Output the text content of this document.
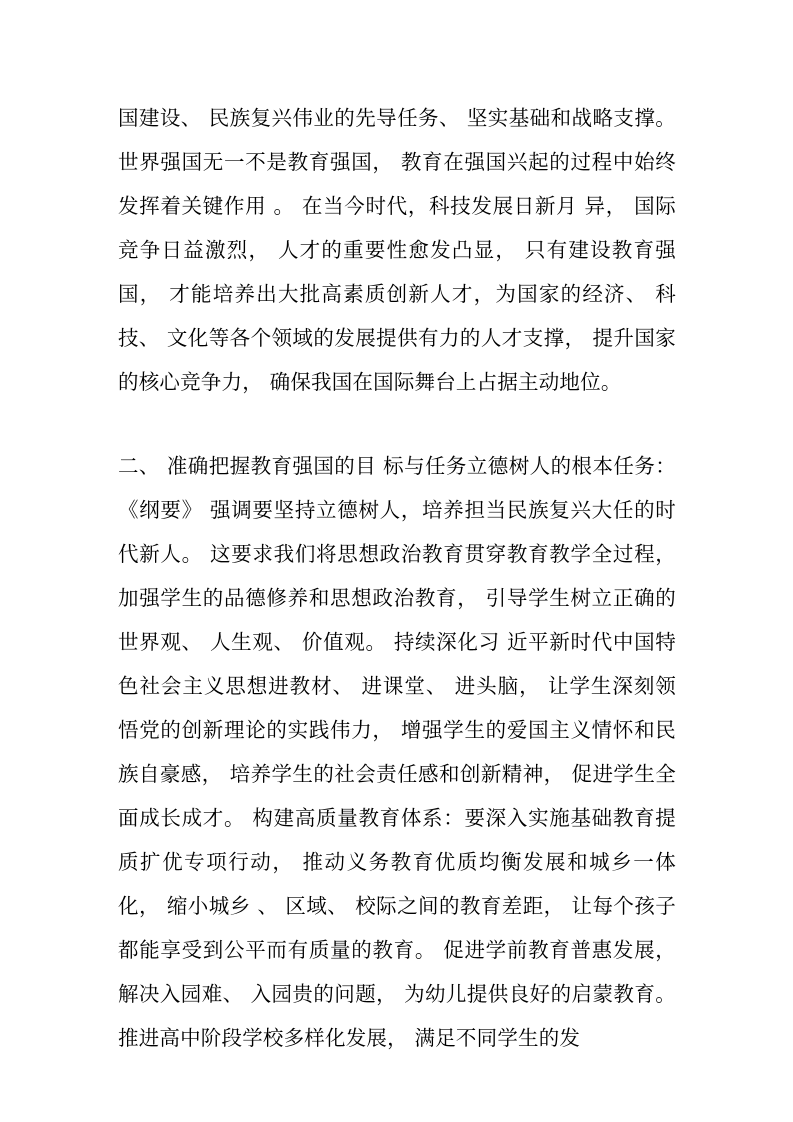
国建设、 民族复兴伟业的先导任务、 坚实基础和战略支撑。 世界强国无一不是教育强国， 教育在强国兴起的过程中始终发挥着关键作用 。 在当今时代，科技发展日新月 异， 国际竞争日益激烈， 人才的重要性愈发凸显， 只有建设教育强国， 才能培养出大批高素质创新人才，为国家的经济、 科技、 文化等各个领域的发展提供有力的人才支撑， 提升国家的核心竞争力， 确保我国在国际舞台上占据主动地位。

二、 准确把握教育强国的目 标与任务立德树人的根本任务：《纲要》 强调要坚持立德树人，培养担当民族复兴大任的时代新人。 这要求我们将思想政治教育贯穿教育教学全过程， 加强学生的品德修养和思想政治教育， 引导学生树立正确的世界观、 人生观、 价值观。 持续深化习 近平新时代中国特色社会主义思想进教材、 进课堂、 进头脑， 让学生深刻领悟党的创新理论的实践伟力， 增强学生的爱国主义情怀和民族自豪感， 培养学生的社会责任感和创新精神， 促进学生全面成长成才。 构建高质量教育体系：要深入实施基础教育提质扩优专项行动， 推动义务教育优质均衡发展和城乡一体化， 缩小城乡 、 区域、 校际之间的教育差距， 让每个孩子都能享受到公平而有质量的教育。 促进学前教育普惠发展， 解决入园难、 入园贵的问题， 为幼儿提供良好的启蒙教育。 推进高中阶段学校多样化发展， 满足不同学生的发
